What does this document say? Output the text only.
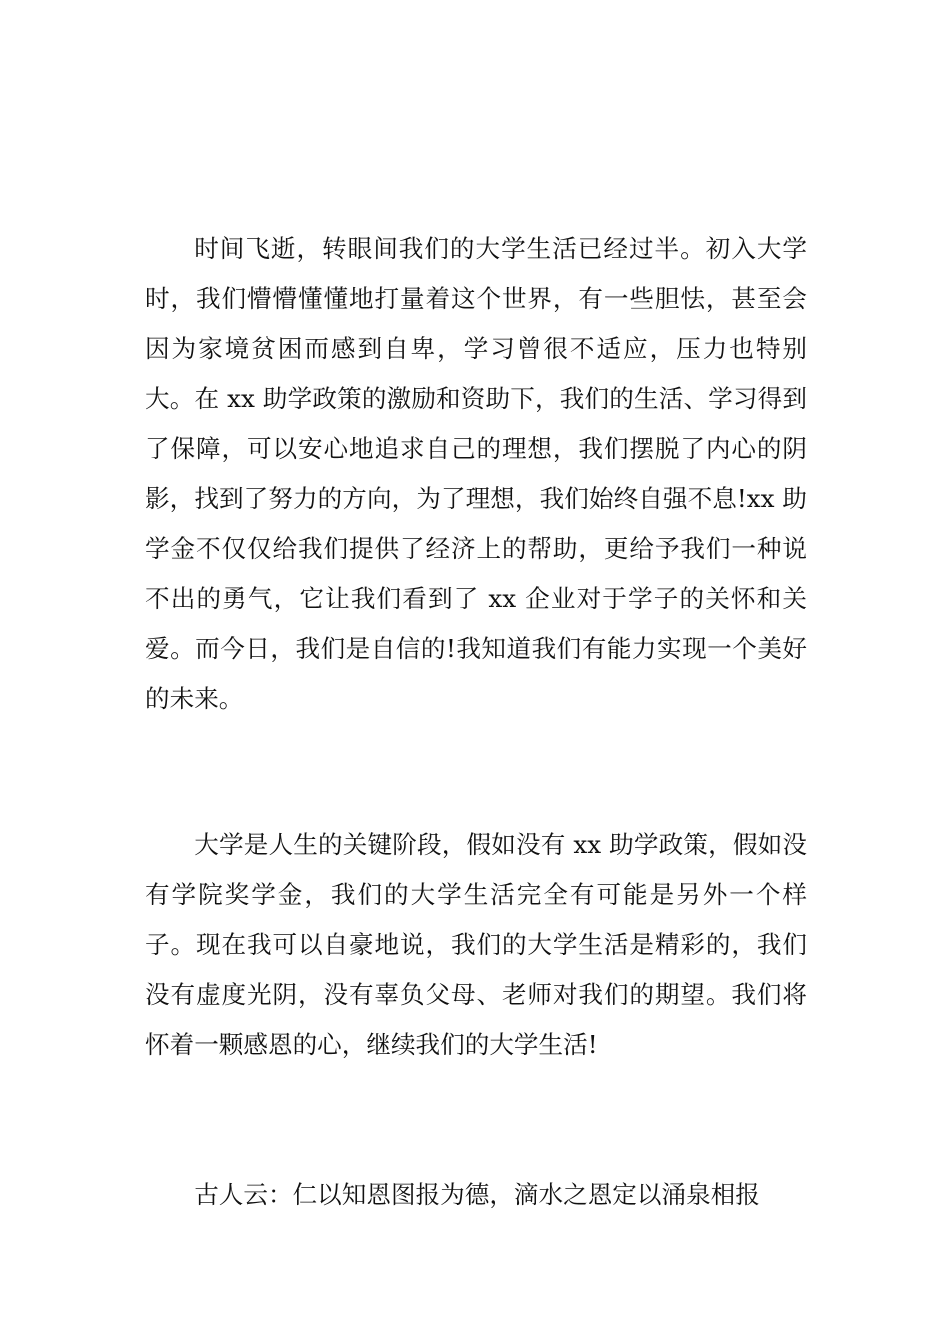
时间飞逝，转眼间我们的大学生活已经过半。初入大学时，我们懵懵懂懂地打量着这个世界，有一些胆怯，甚至会因为家境贫困而感到自卑，学习曾很不适应，压力也特别大。在 xx 助学政策的激励和资助下，我们的生活、学习得到了保障，可以安心地追求自己的理想，我们摆脱了内心的阴影，找到了努力的方向，为了理想，我们始终自强不息!xx 助学金不仅仅给我们提供了经济上的帮助，更给予我们一种说不出的勇气，它让我们看到了 xx 企业对于学子的关怀和关爱。而今日，我们是自信的!我知道我们有能力实现一个美好的未来。

大学是人生的关键阶段，假如没有 xx 助学政策，假如没有学院奖学金，我们的大学生活完全有可能是另外一个样子。现在我可以自豪地说，我们的大学生活是精彩的，我们没有虚度光阴，没有辜负父母、老师对我们的期望。我们将怀着一颗感恩的心，继续我们的大学生活!

古人云：仁以知恩图报为德，滴水之恩定以涌泉相报
